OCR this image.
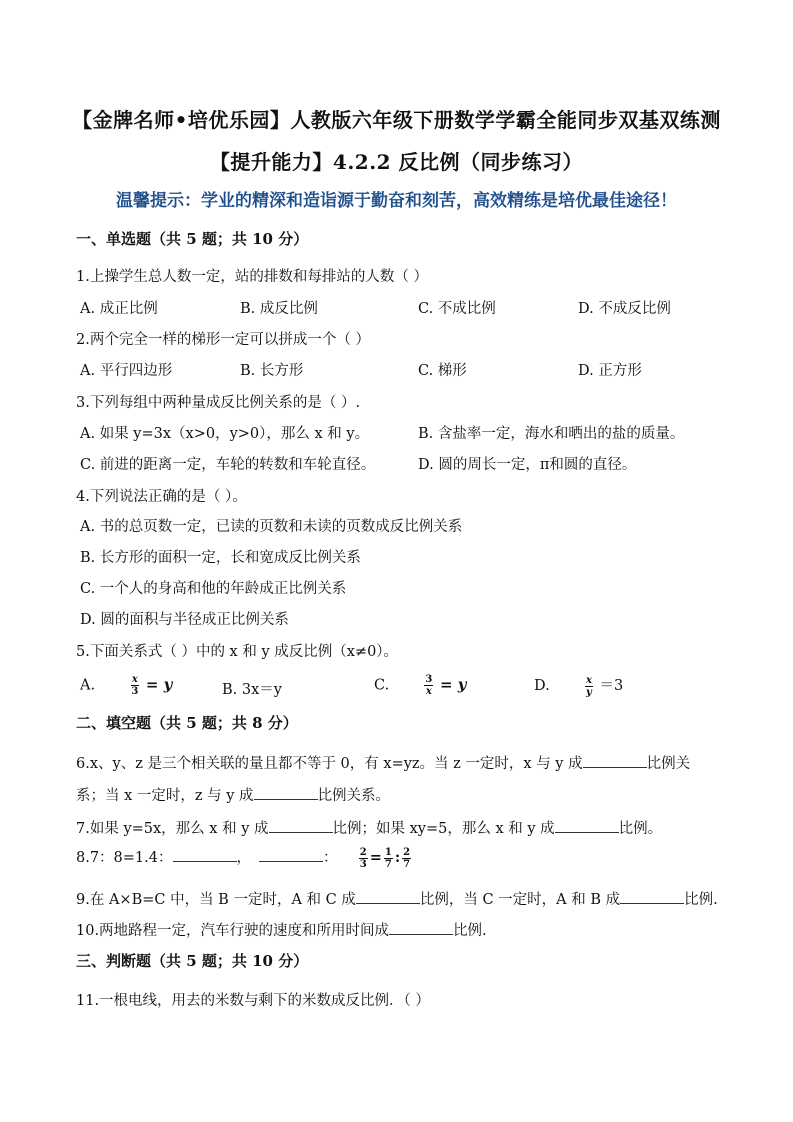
【金牌名师•培优乐园】人教版六年级下册数学学霸全能同步双基双练测
【提升能力】4.2.2 反比例（同步练习）
温馨提示：学业的精深和造诣源于勤奋和刻苦，高效精练是培优最佳途径！
一、单选题（共 5 题；共 10 分）
1.上操学生总人数一定，站的排数和每排站的人数（ ）
A. 成正比例	B. 成反比例	C. 不成比例	D. 不成反比例
2.两个完全一样的梯形一定可以拼成一个（ ）
A. 平行四边形	B. 长方形	C. 梯形	D. 正方形
3.下列每组中两种量成反比例关系的是（ ）.
A. 如果 y=3x（x>0，y>0），那么 x 和 y。	B. 含盐率一定，海水和晒出的盐的质量。
C. 前进的距离一定，车轮的转数和车轮直径。	D. 圆的周长一定，π和圆的直径。
4.下列说法正确的是（ ）。
A. 书的总页数一定，已读的页数和未读的页数成反比例关系
B. 长方形的面积一定，长和宽成反比例关系
C. 一个人的身高和他的年龄成正比例关系
D. 圆的面积与半径成正比例关系
5.下面关系式（ ）中的 x 和 y 成反比例（x≠0）。
A.	$\frac{x}{3} = y$	B. 3x＝y	C.	$\frac{3}{x} = y$	D.	$\frac{x}{y} =3$
二、填空题（共 5 题；共 8 分）
6.x、y、z 是三个相关联的量且都不等于 0，有 x=yz。当 z 一定时，x 与 y 成	比例关
系；当 x 一定时，z 与 y 成	比例关系。
7.如果 y=5x，那么 x 和 y 成	比例；如果 xy=5，那么 x 和 y 成	比例。
8.7：8=1.4：	，	： $\frac{2}{3} = \frac{1}{7}$ : $\frac{2}{7}$
9.在 A×B=C 中，当 B 一定时，A 和 C 成	比例，当 C 一定时，A 和 B 成	比例.
10.两地路程一定，汽车行驶的速度和所用时间成	比例.
三、判断题（共 5 题；共 10 分）
11.一根电线，用去的米数与剩下的米数成反比例．（ ）
